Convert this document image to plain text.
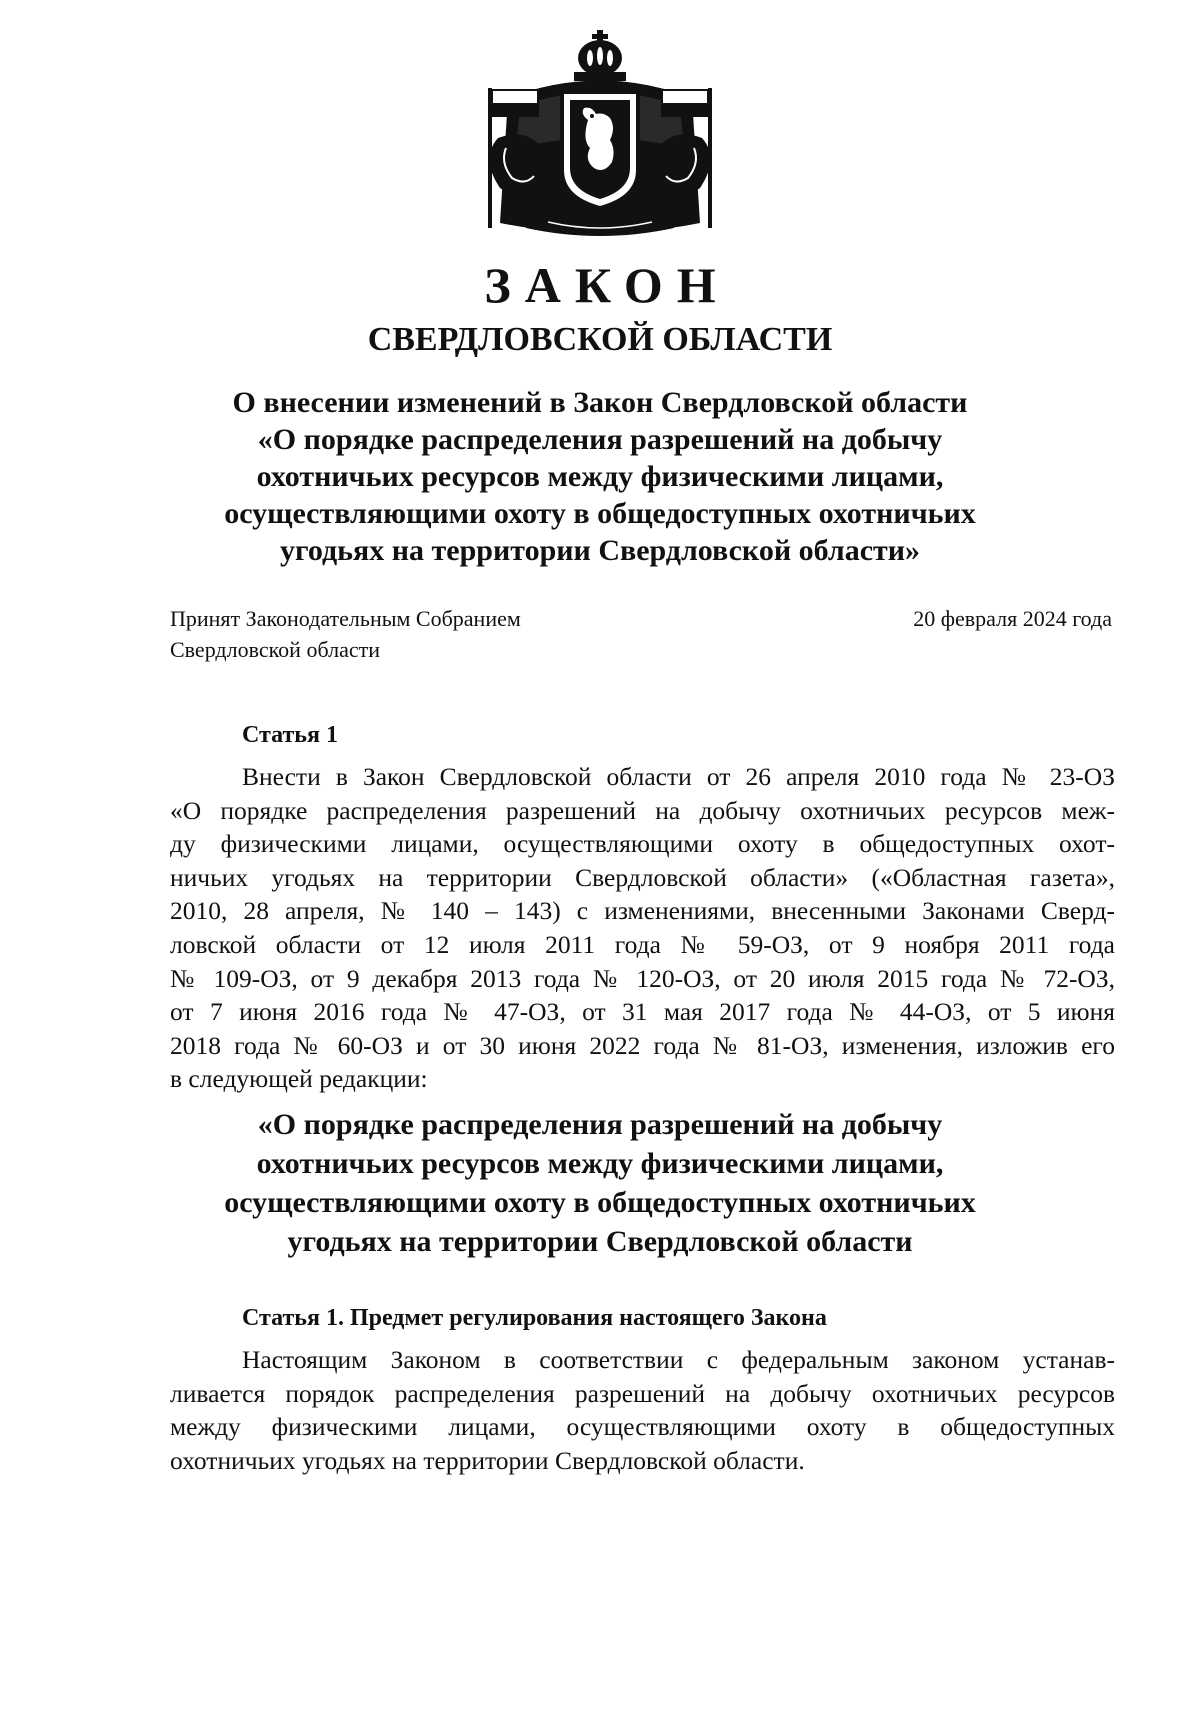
ЗАКОН
СВЕРДЛОВСКОЙ ОБЛАСТИ
О внесении изменений в Закон Свердловской области
«О порядке распределения разрешений на добычу
охотничьих ресурсов между физическими лицами,
осуществляющими охоту в общедоступных охотничьих
угодьях на территории Свердловской области»
Принят Законодательным Собранием
Свердловской области
20 февраля 2024 года
Статья 1
Внести в Закон Свердловской области от 26 апреля 2010 года № 23-ОЗ
«О порядке распределения разрешений на добычу охотничьих ресурсов меж-
ду физическими лицами, осуществляющими охоту в общедоступных охот-
ничьих угодьях на территории Свердловской области» («Областная газета»,
2010, 28 апреля, № 140 – 143) с изменениями, внесенными Законами Сверд-
ловской области от 12 июля 2011 года № 59-ОЗ, от 9 ноября 2011 года
№ 109-ОЗ, от 9 декабря 2013 года № 120-ОЗ, от 20 июля 2015 года № 72-ОЗ,
от 7 июня 2016 года № 47-ОЗ, от 31 мая 2017 года № 44-ОЗ, от 5 июня
2018 года № 60-ОЗ и от 30 июня 2022 года № 81-ОЗ, изменения, изложив его
в следующей редакции:
«О порядке распределения разрешений на добычу
охотничьих ресурсов между физическими лицами,
осуществляющими охоту в общедоступных охотничьих
угодьях на территории Свердловской области
Статья 1. Предмет регулирования настоящего Закона
Настоящим Законом в соответствии с федеральным законом устанав-
ливается порядок распределения разрешений на добычу охотничьих ресурсов
между физическими лицами, осуществляющими охоту в общедоступных
охотничьих угодьях на территории Свердловской области.
